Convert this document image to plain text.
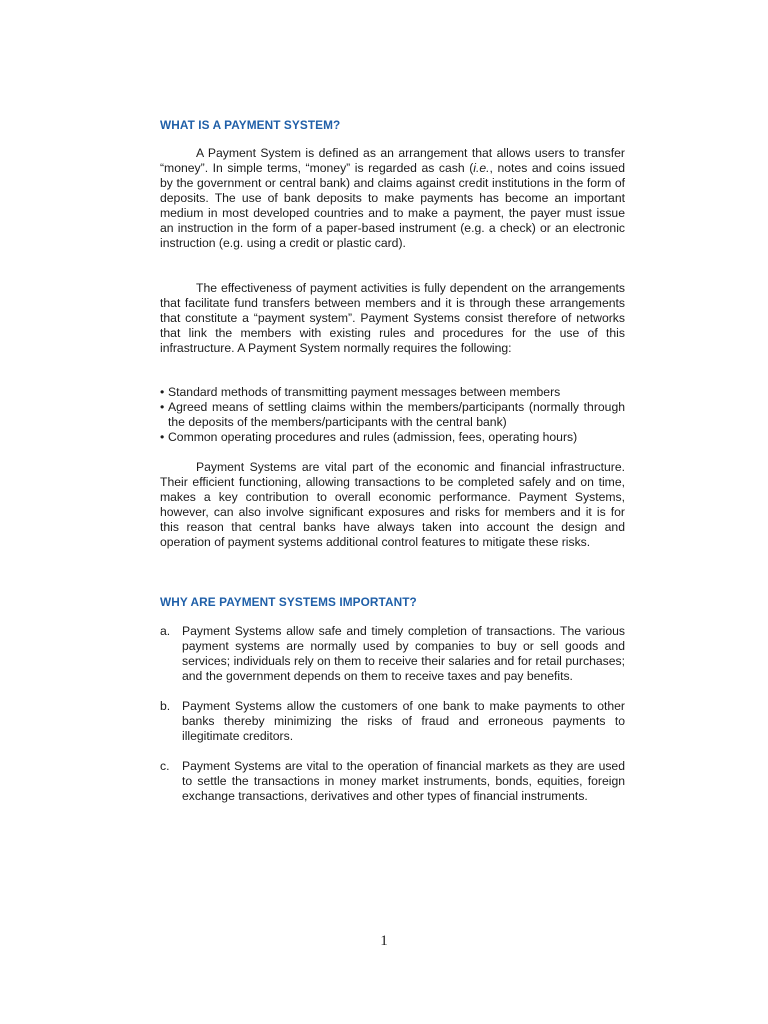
WHAT IS A PAYMENT SYSTEM?

A Payment System is defined as an arrangement that allows users to transfer “money”. In simple terms, “money” is regarded as cash (i.e., notes and coins issued by the government or central bank) and claims against credit institutions in the form of deposits. The use of bank deposits to make payments has become an important medium in most developed countries and to make a payment, the payer must issue an instruction in the form of a paper-based instrument (e.g. a check) or an electronic instruction (e.g. using a credit or plastic card).

The effectiveness of payment activities is fully dependent on the arrangements that facilitate fund transfers between members and it is through these arrangements that constitute a “payment system”. Payment Systems consist therefore of networks that link the members with existing rules and procedures for the use of this infrastructure. A Payment System normally requires the following:

• Standard methods of transmitting payment messages between members
• Agreed means of settling claims within the members/participants (normally through the deposits of the members/participants with the central bank)
• Common operating procedures and rules (admission, fees, operating hours)

Payment Systems are vital part of the economic and financial infrastructure. Their efficient functioning, allowing transactions to be completed safely and on time, makes a key contribution to overall economic performance. Payment Systems, however, can also involve significant exposures and risks for members and it is for this reason that central banks have always taken into account the design and operation of payment systems additional control features to mitigate these risks.

WHY ARE PAYMENT SYSTEMS IMPORTANT?
a. Payment Systems allow safe and timely completion of transactions. The various payment systems are normally used by companies to buy or sell goods and services; individuals rely on them to receive their salaries and for retail purchases; and the government depends on them to receive taxes and pay benefits.
b. Payment Systems allow the customers of one bank to make payments to other banks thereby minimizing the risks of fraud and erroneous payments to illegitimate creditors.
c. Payment Systems are vital to the operation of financial markets as they are used to settle the transactions in money market instruments, bonds, equities, foreign exchange transactions, derivatives and other types of financial instruments.
1
